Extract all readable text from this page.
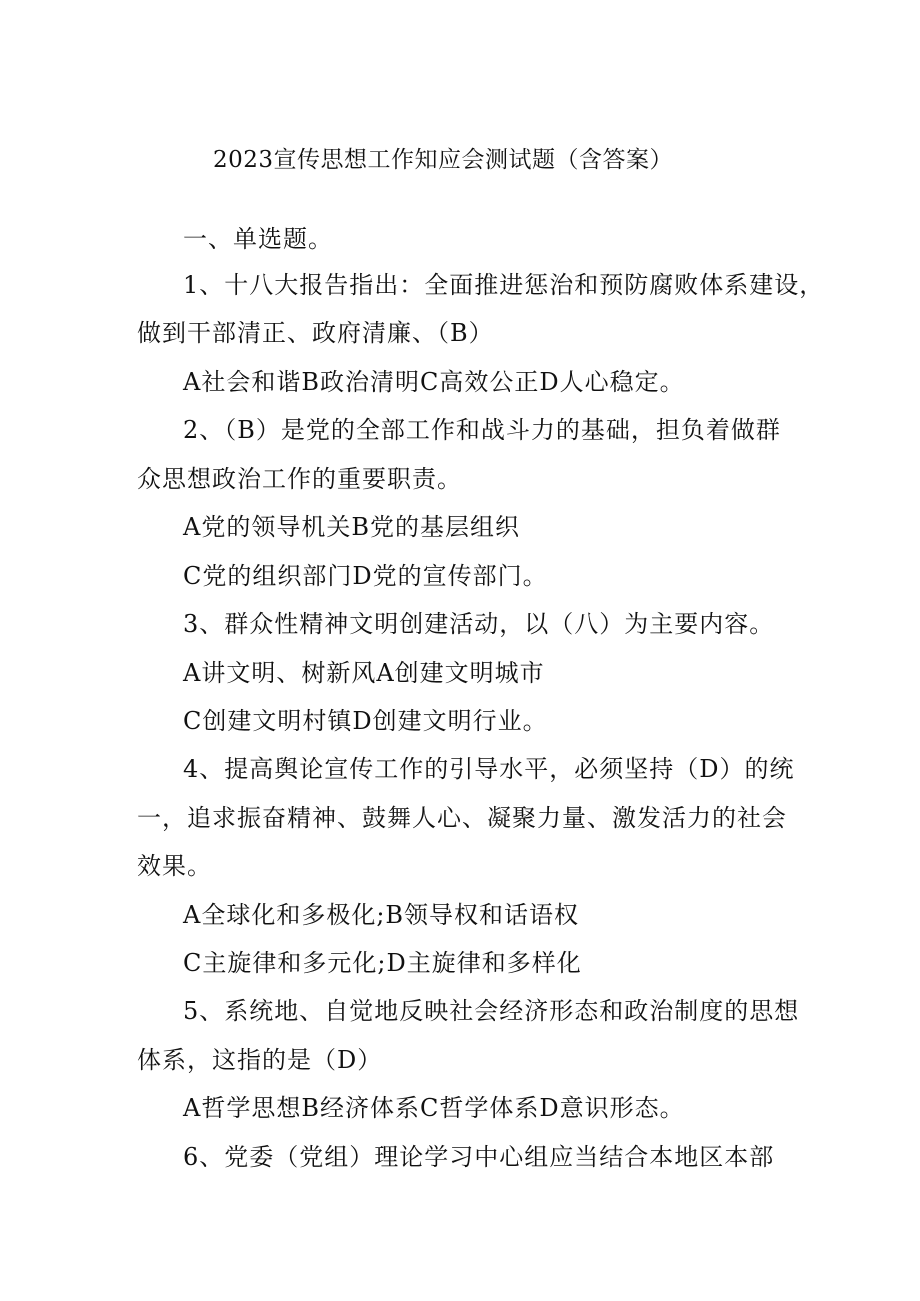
2023宣传思想工作知应会测试题（含答案）
一、单选题。
1、十八大报告指出：全面推进惩治和预防腐败体系建设，
做到干部清正、政府清廉、（B）
A社会和谐B政治清明C高效公正D人心稳定。
2、（B）是党的全部工作和战斗力的基础，担负着做群
众思想政治工作的重要职责。
A党的领导机关B党的基层组织
C党的组织部门D党的宣传部门。
3、群众性精神文明创建活动，以（八）为主要内容。
A讲文明、树新风A创建文明城市
C创建文明村镇D创建文明行业。
4、提高舆论宣传工作的引导水平，必须坚持（D）的统
一，追求振奋精神、鼓舞人心、凝聚力量、激发活力的社会
效果。
A全球化和多极化;B领导权和话语权
C主旋律和多元化;D主旋律和多样化
5、系统地、自觉地反映社会经济形态和政治制度的思想
体系，这指的是（D）
A哲学思想B经济体系C哲学体系D意识形态。
6、党委（党组）理论学习中心组应当结合本地区本部
